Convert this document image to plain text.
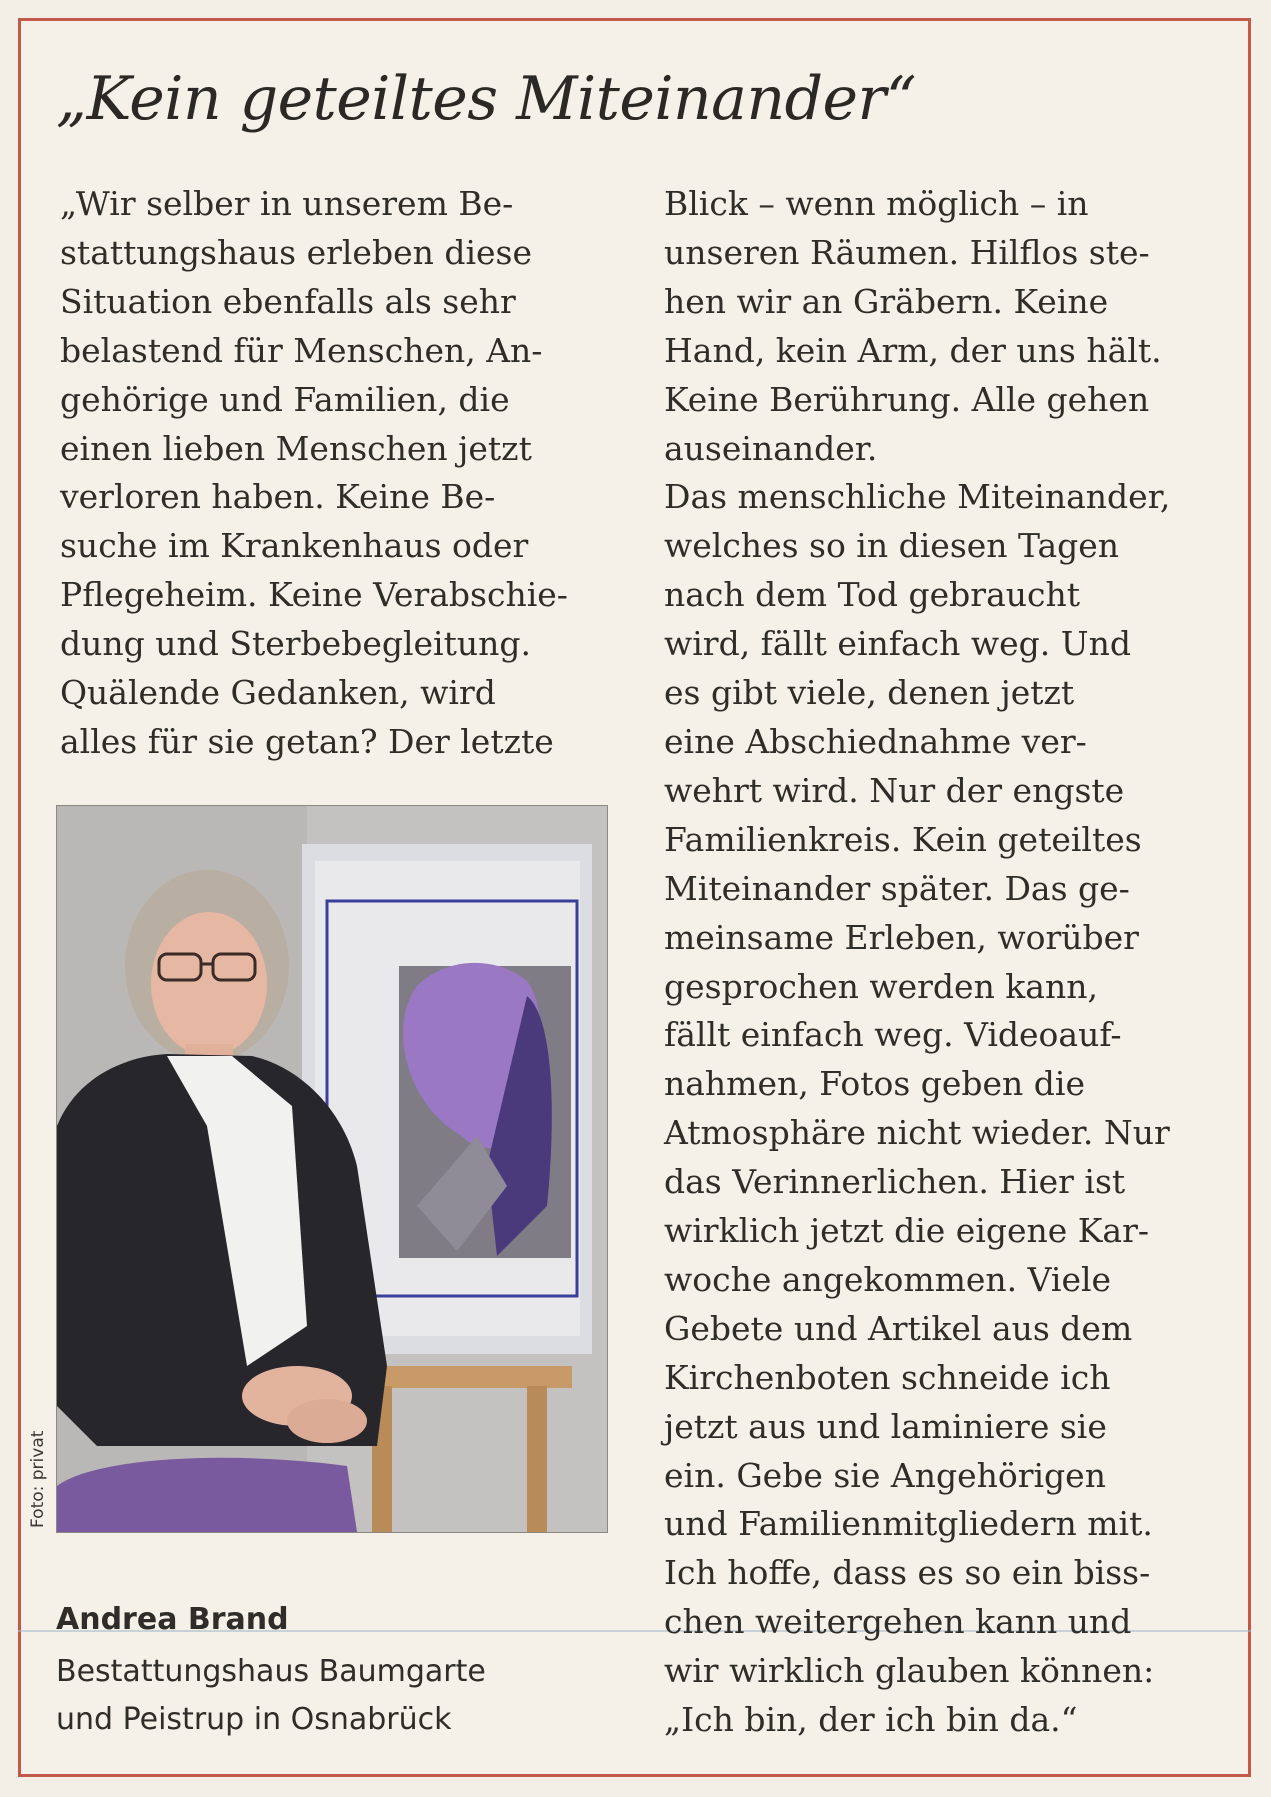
„Kein geteiltes Miteinander“
„Wir selber in unserem Be-
stattungshaus erleben diese
Situation ebenfalls als sehr
belastend für Menschen, An-
gehörige und Familien, die
einen lieben Menschen jetzt
verloren haben. Keine Be-
suche im Krankenhaus oder
Pflegeheim. Keine Verabschie-
dung und Sterbebegleitung.
Quälende Gedanken, wird
alles für sie getan? Der letzte
Blick – wenn möglich – in
unseren Räumen. Hilflos ste-
hen wir an Gräbern. Keine
Hand, kein Arm, der uns hält.
Keine Berührung. Alle gehen
auseinander.
Das menschliche Miteinander,
welches so in diesen Tagen
nach dem Tod gebraucht
wird, fällt einfach weg. Und
es gibt viele, denen jetzt
eine Abschiednahme ver-
wehrt wird. Nur der engste
Familienkreis. Kein geteiltes
Miteinander später. Das ge-
meinsame Erleben, worüber
gesprochen werden kann,
fällt einfach weg. Videoauf-
nahmen, Fotos geben die
Atmosphäre nicht wieder. Nur
das Verinnerlichen. Hier ist
wirklich jetzt die eigene Kar-
woche angekommen. Viele
Gebete und Artikel aus dem
Kirchenboten schneide ich
jetzt aus und laminiere sie
ein. Gebe sie Angehörigen
und Familienmitgliedern mit.
Ich hoffe, dass es so ein biss-
chen weitergehen kann und
wir wirklich glauben können:
„Ich bin, der ich bin da.“
Foto: privat
Andrea Brand
Bestattungshaus Baumgarte
und Peistrup in Osnabrück
